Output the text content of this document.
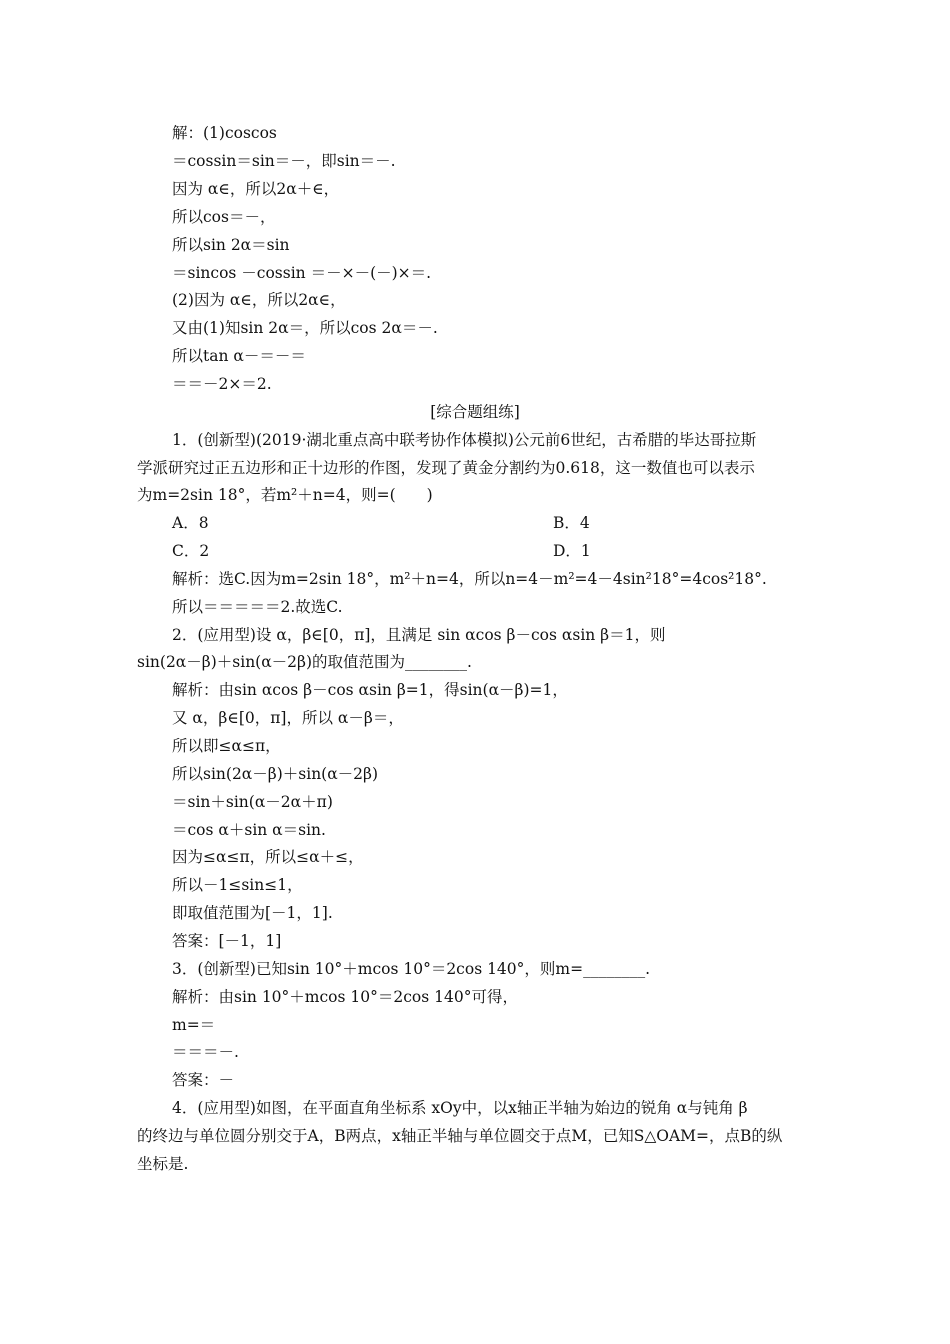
解：(1)coscos
＝cossin＝sin＝－，即sin＝－.
因为 α∈，所以2α＋∈，
所以cos＝－，
所以sin 2α＝sin
＝sincos －cossin ＝－×－(－)×＝.
(2)因为 α∈，所以2α∈，
又由(1)知sin 2α＝，所以cos 2α＝－.
所以tan α－＝－＝
＝＝－2×＝2.
[综合题组练]
1．(创新型)(2019·湖北重点高中联考协作体模拟)公元前6世纪，古希腊的毕达哥拉斯
学派研究过正五边形和正十边形的作图，发现了黄金分割约为0.618，这一数值也可以表示
为m=2sin 18°，若m²＋n=4，则=(　　)
A．8	B．4
C．2	D．1
解析：选C.因为m=2sin 18°，m²＋n=4，所以n=4－m²=4－4sin²18°=4cos²18°.
所以＝＝＝＝＝2.故选C.
2．(应用型)设 α，β∈[0，π]，且满足 sin αcos β－cos αsin β＝1，则
sin(2α－β)＋sin(α－2β)的取值范围为________.
解析：由sin αcos β－cos αsin β=1，得sin(α－β)=1，
又 α，β∈[0，π]，所以 α－β＝，
所以即≤α≤π，
所以sin(2α－β)＋sin(α－2β)
＝sin＋sin(α－2α＋π)
＝cos α＋sin α＝sin.
因为≤α≤π，所以≤α＋≤，
所以－1≤sin≤1，
即取值范围为[－1，1].
答案：[－1，1]
3．(创新型)已知sin 10°＋mcos 10°＝2cos 140°，则m=________.
解析：由sin 10°＋mcos 10°＝2cos 140°可得，
m=＝
＝＝＝－.
答案：－
4．(应用型)如图，在平面直角坐标系 xOy中，以x轴正半轴为始边的锐角 α与钝角 β
的终边与单位圆分别交于A，B两点，x轴正半轴与单位圆交于点M，已知S△OAM=，点B的纵
坐标是.
